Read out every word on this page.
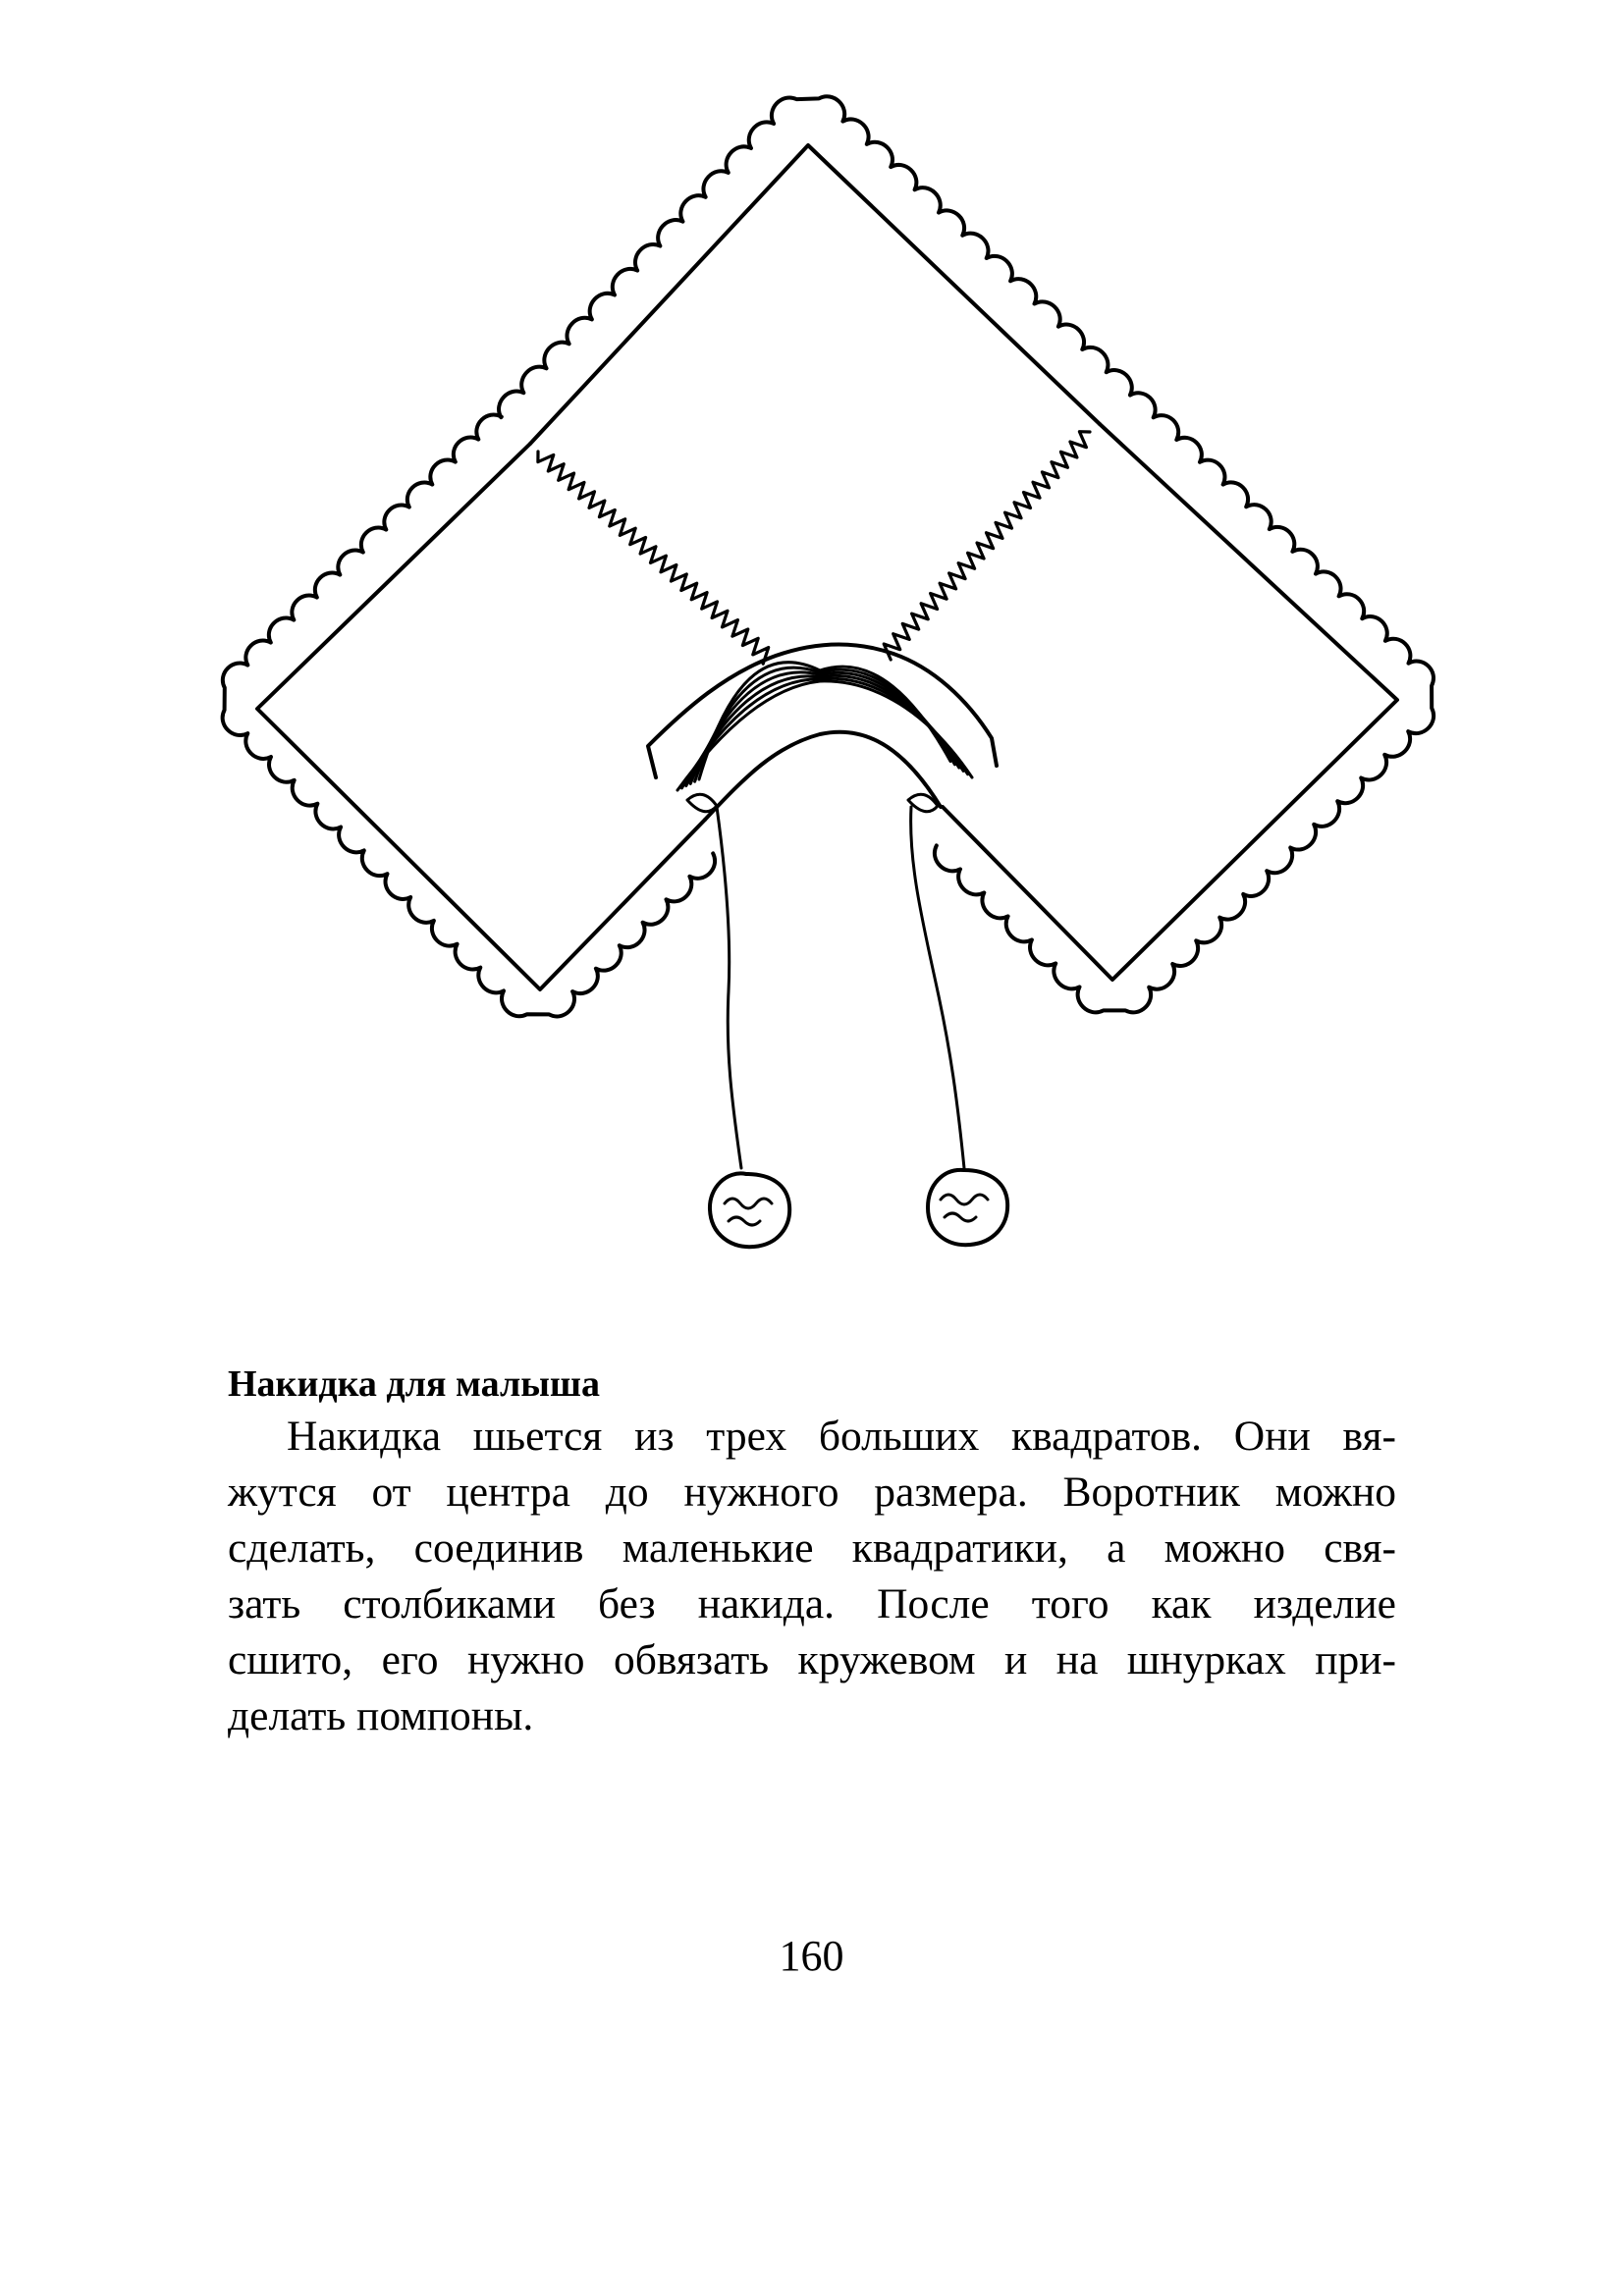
Накидка для малыша

Накидка шьется из трех больших квадратов. Они вя-
жутся от центра до нужного размера. Воротник можно
сделать, соединив маленькие квадратики, а можно свя-
зать столбиками без накида. После того как изделие
сшито, его нужно обвязать кружевом и на шнурках при-
делать помпоны.

160
